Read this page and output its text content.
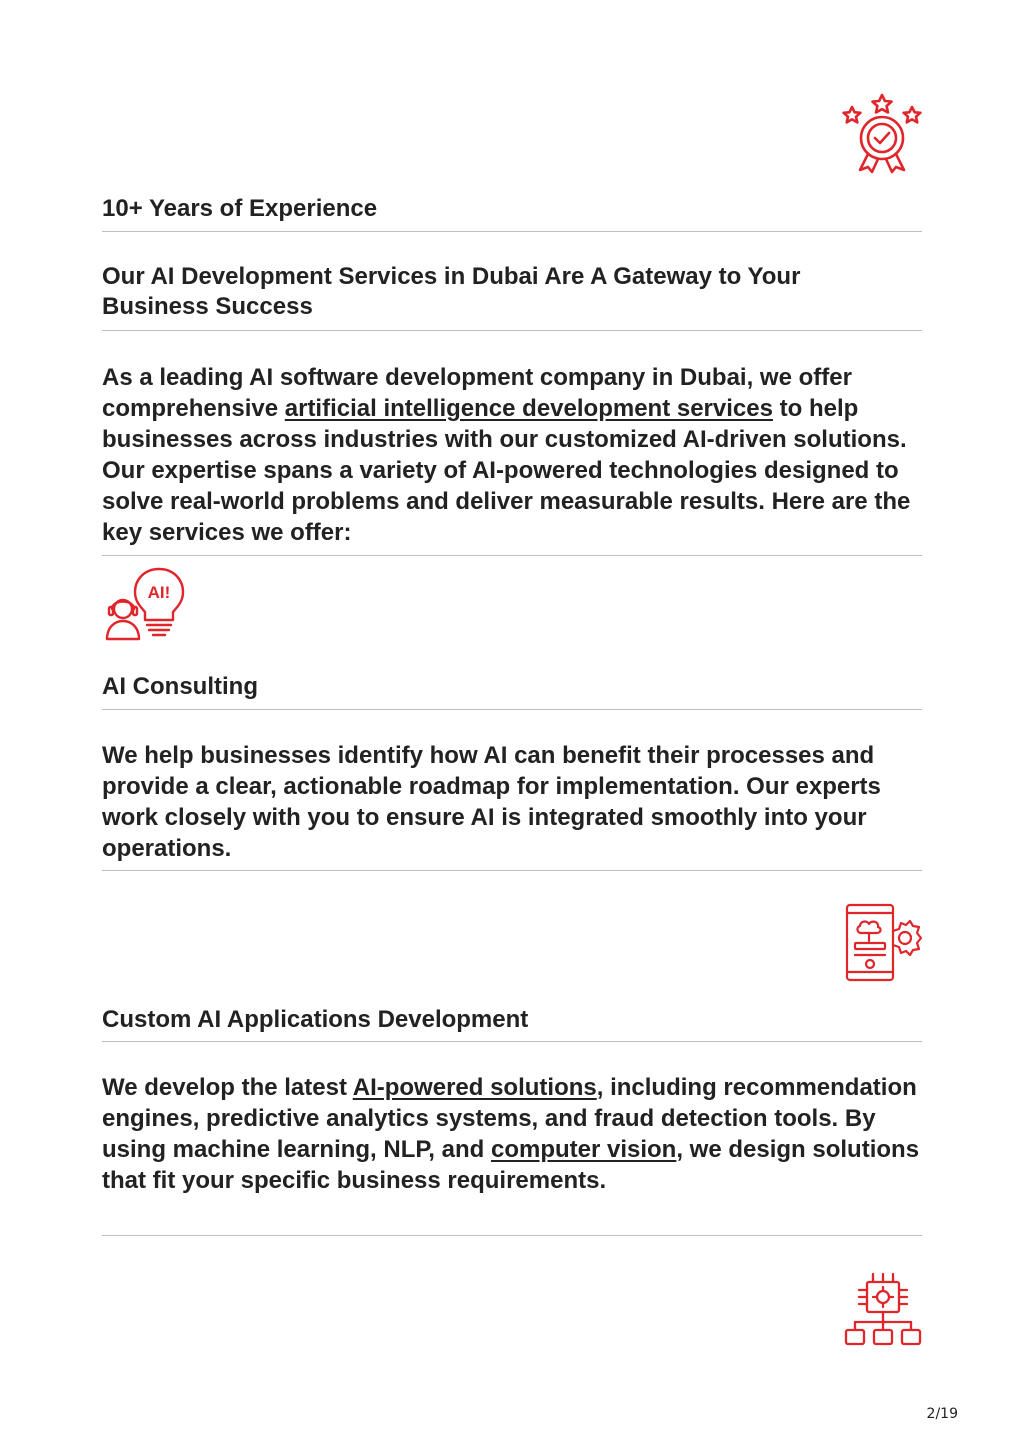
10+ Years of Experience
Our AI Development Services in Dubai Are A Gateway to Your Business Success
As a leading AI software development company in Dubai, we offer comprehensive artificial intelligence development services to help businesses across industries with our customized AI-driven solutions. Our expertise spans a variety of AI-powered technologies designed to solve real-world problems and deliver measurable results. Here are the key services we offer:
AI!
AI Consulting
We help businesses identify how AI can benefit their processes and provide a clear, actionable roadmap for implementation. Our experts work closely with you to ensure AI is integrated smoothly into your operations.
Custom AI Applications Development
We develop the latest AI-powered solutions, including recommendation engines, predictive analytics systems, and fraud detection tools. By using machine learning, NLP, and computer vision, we design solutions that fit your specific business requirements.
2/19
